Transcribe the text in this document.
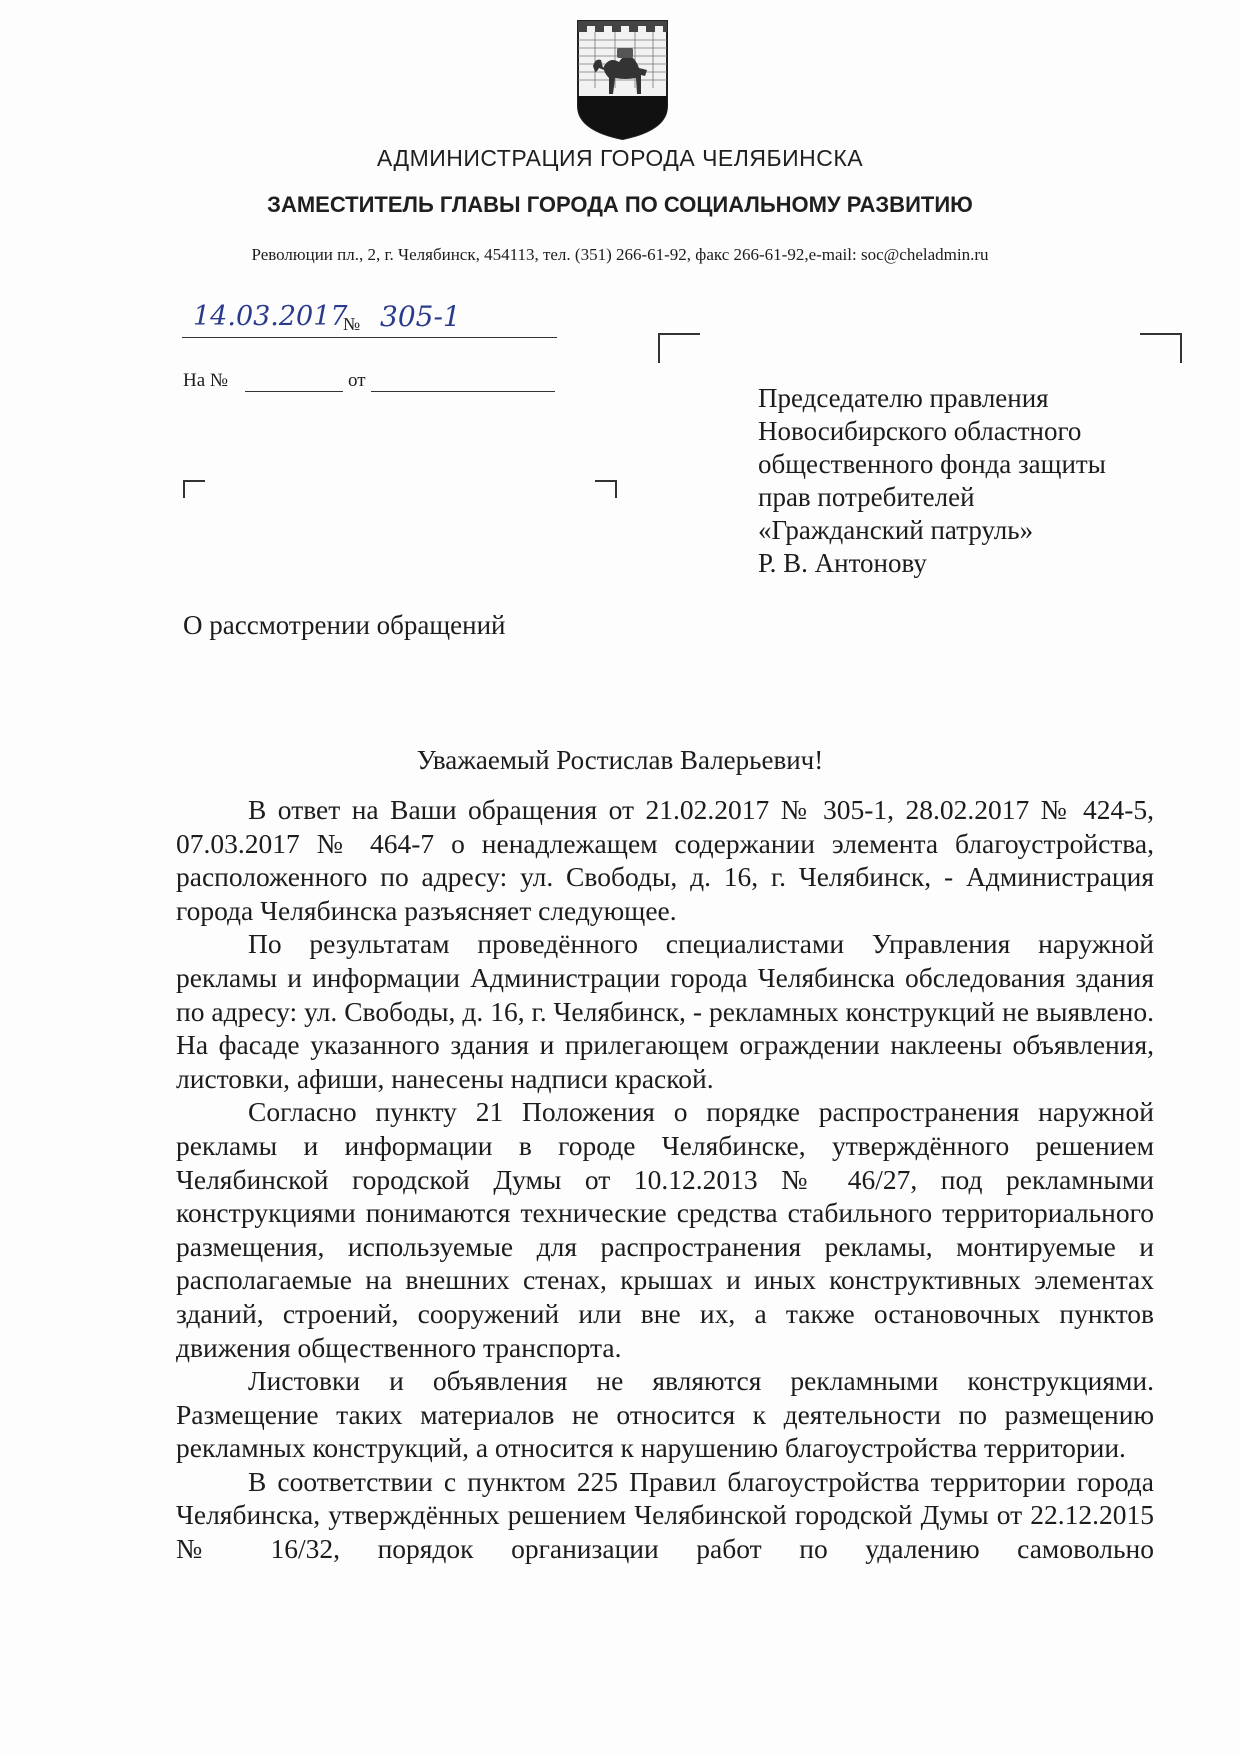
АДМИНИСТРАЦИЯ ГОРОДА ЧЕЛЯБИНСКА
ЗАМЕСТИТЕЛЬ ГЛАВЫ ГОРОДА ПО СОЦИАЛЬНОМУ РАЗВИТИЮ
Революции пл., 2, г. Челябинск, 454113, тел. (351) 266-61-92, факс 266-61-92,e-mail: soc@cheladmin.ru
14.03.2017
№ 305-1
На №	от
Председателю правления
Новосибирского областного
общественного фонда защиты
прав потребителей
«Гражданский патруль»
Р. В. Антонову
О рассмотрении обращений
Уважаемый Ростислав Валерьевич!

В ответ на Ваши обращения от 21.02.2017 № 305-1, 28.02.2017 № 424-5, 07.03.2017 № 464-7 о ненадлежащем содержании элемента благоустройства, расположенного по адресу: ул. Свободы, д. 16, г. Челябинск, - Администрация города Челябинска разъясняет следующее.

По результатам проведённого специалистами Управления наружной рекламы и информации Администрации города Челябинска обследования здания по адресу: ул. Свободы, д. 16, г. Челябинск, - рекламных конструкций не выявлено. На фасаде указанного здания и прилегающем ограждении наклеены объявления, листовки, афиши, нанесены надписи краской.

Согласно пункту 21 Положения о порядке распространения наружной рекламы и информации в городе Челябинске, утверждённого решением Челябинской городской Думы от 10.12.2013 № 46/27, под рекламными конструкциями понимаются технические средства стабильного территориального размещения, используемые для распространения рекламы, монтируемые и располагаемые на внешних стенах, крышах и иных конструктивных элементах зданий, строений, сооружений или вне их, а также остановочных пунктов движения общественного транспорта.

Листовки и объявления не являются рекламными конструкциями. Размещение таких материалов не относится к деятельности по размещению рекламных конструкций, а относится к нарушению благоустройства территории.

В соответствии с пунктом 225 Правил благоустройства территории города Челябинска, утверждённых решением Челябинской городской Думы от 22.12.2015 № 16/32, порядок организации работ по удалению самовольно
